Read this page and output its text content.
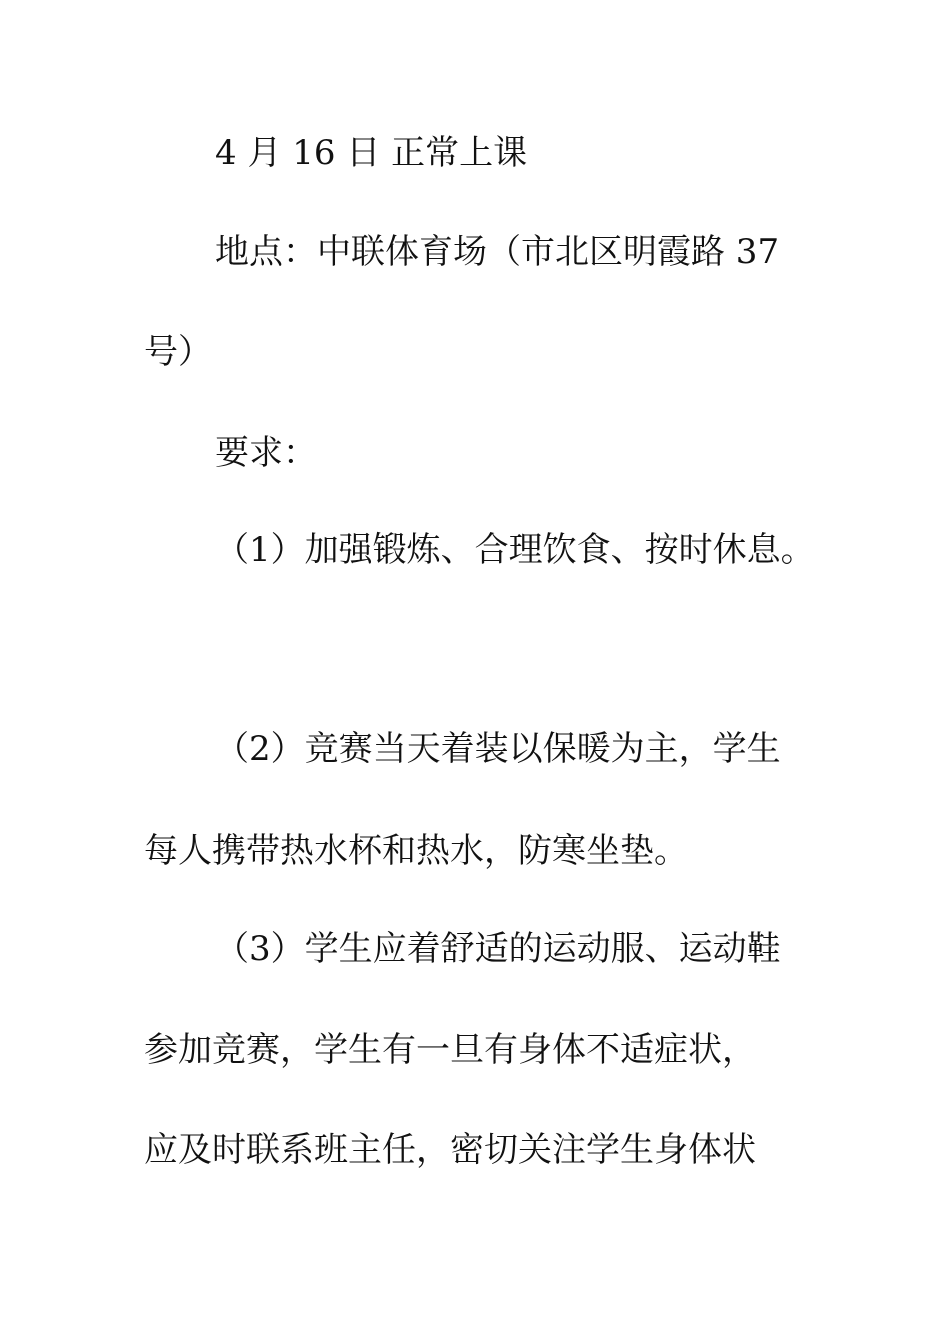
4 月 16 日 正常上课
地点：中联体育场（市北区明霞路 37
号）
要求：
（1）加强锻炼、合理饮食、按时休息。
（2）竞赛当天着装以保暖为主，学生
每人携带热水杯和热水，防寒坐垫。
（3）学生应着舒适的运动服、运动鞋
参加竞赛，学生有一旦有身体不适症状，
应及时联系班主任，密切关注学生身体状
